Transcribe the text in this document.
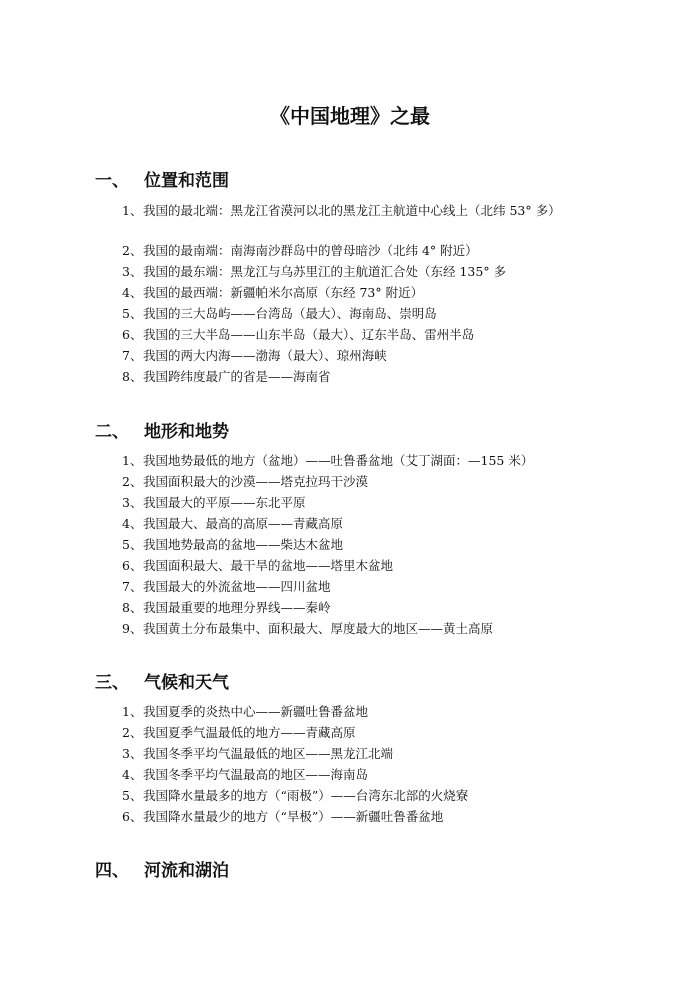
《中国地理》之最
一、 位置和范围
1、我国的最北端：黑龙江省漠河以北的黑龙江主航道中心线上（北纬 53° 多）
2、我国的最南端：南海南沙群岛中的曾母暗沙（北纬 4° 附近）
3、我国的最东端：黑龙江与乌苏里江的主航道汇合处（东经 135° 多
4、我国的最西端：新疆帕米尔高原（东经 73° 附近）
5、我国的三大岛屿——台湾岛（最大）、海南岛、崇明岛
6、我国的三大半岛——山东半岛（最大）、辽东半岛、雷州半岛
7、我国的两大内海——渤海（最大）、琼州海峡
8、我国跨纬度最广的省是——海南省
二、 地形和地势
1、我国地势最低的地方（盆地）——吐鲁番盆地（艾丁湖面：—155 米）
2、我国面积最大的沙漠——塔克拉玛干沙漠
3、我国最大的平原——东北平原
4、我国最大、最高的高原——青藏高原
5、我国地势最高的盆地——柴达木盆地
6、我国面积最大、最干旱的盆地——塔里木盆地
7、我国最大的外流盆地——四川盆地
8、我国最重要的地理分界线——秦岭
9、我国黄土分布最集中、面积最大、厚度最大的地区——黄土高原
三、 气候和天气
1、我国夏季的炎热中心——新疆吐鲁番盆地
2、我国夏季气温最低的地方——青藏高原
3、我国冬季平均气温最低的地区——黑龙江北端
4、我国冬季平均气温最高的地区——海南岛
5、我国降水量最多的地方（“雨极”）——台湾东北部的火烧寮
6、我国降水量最少的地方（“旱极”）——新疆吐鲁番盆地
四、 河流和湖泊
